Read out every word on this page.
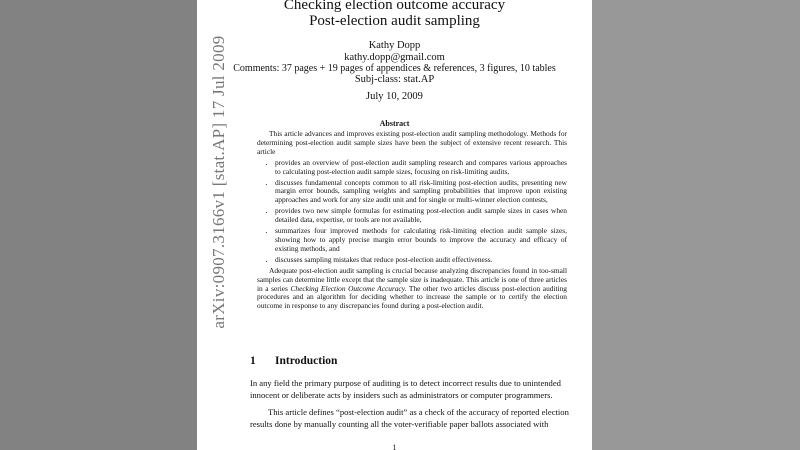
arXiv:0907.3166v1 [stat.AP] 17 Jul 2009
Checking election outcome accuracy
Post-election audit sampling
Kathy Dopp
kathy.dopp@gmail.com
Comments: 37 pages + 19 pages of appendices & references, 3 figures, 10 tables
Subj-class: stat.AP
July 10, 2009
Abstract

This article advances and improves existing post-election audit sampling methodology. Methods for determining post-election audit sample sizes have been the subject of extensive recent research. This article

• provides an overview of post-election audit sampling research and compares various approaches to calculating post-election audit sample sizes, focusing on risk-limiting audits,
• discusses fundamental concepts common to all risk-limiting post-election audits, presenting new margin error bounds, sampling weights and sampling probabilities that improve upon existing approaches and work for any size audit unit and for single or multi-winner election contests,
• provides two new simple formulas for estimating post-election audit sample sizes in cases when detailed data, expertise, or tools are not available,
• summarizes four improved methods for calculating risk-limiting election audit sample sizes, showing how to apply precise margin error bounds to improve the accuracy and efficacy of existing methods, and
• discusses sampling mistakes that reduce post-election audit effectiveness.

Adequate post-election audit sampling is crucial because analyzing discrepancies found in too-small samples can determine little except that the sample size is inadequate. This article is one of three articles in a series Checking Election Outcome Accuracy. The other two articles discuss post-election auditing procedures and an algorithm for deciding whether to increase the sample or to certify the election outcome in response to any discrepancies found during a post-election audit.

1 Introduction
In any field the primary purpose of auditing is to detect incorrect results due to unintended
innocent or deliberate acts by insiders such as administrators or computer programmers.
This article defines “post-election audit” as a check of the accuracy of reported election
results done by manually counting all the voter-verifiable paper ballots associated with
1
